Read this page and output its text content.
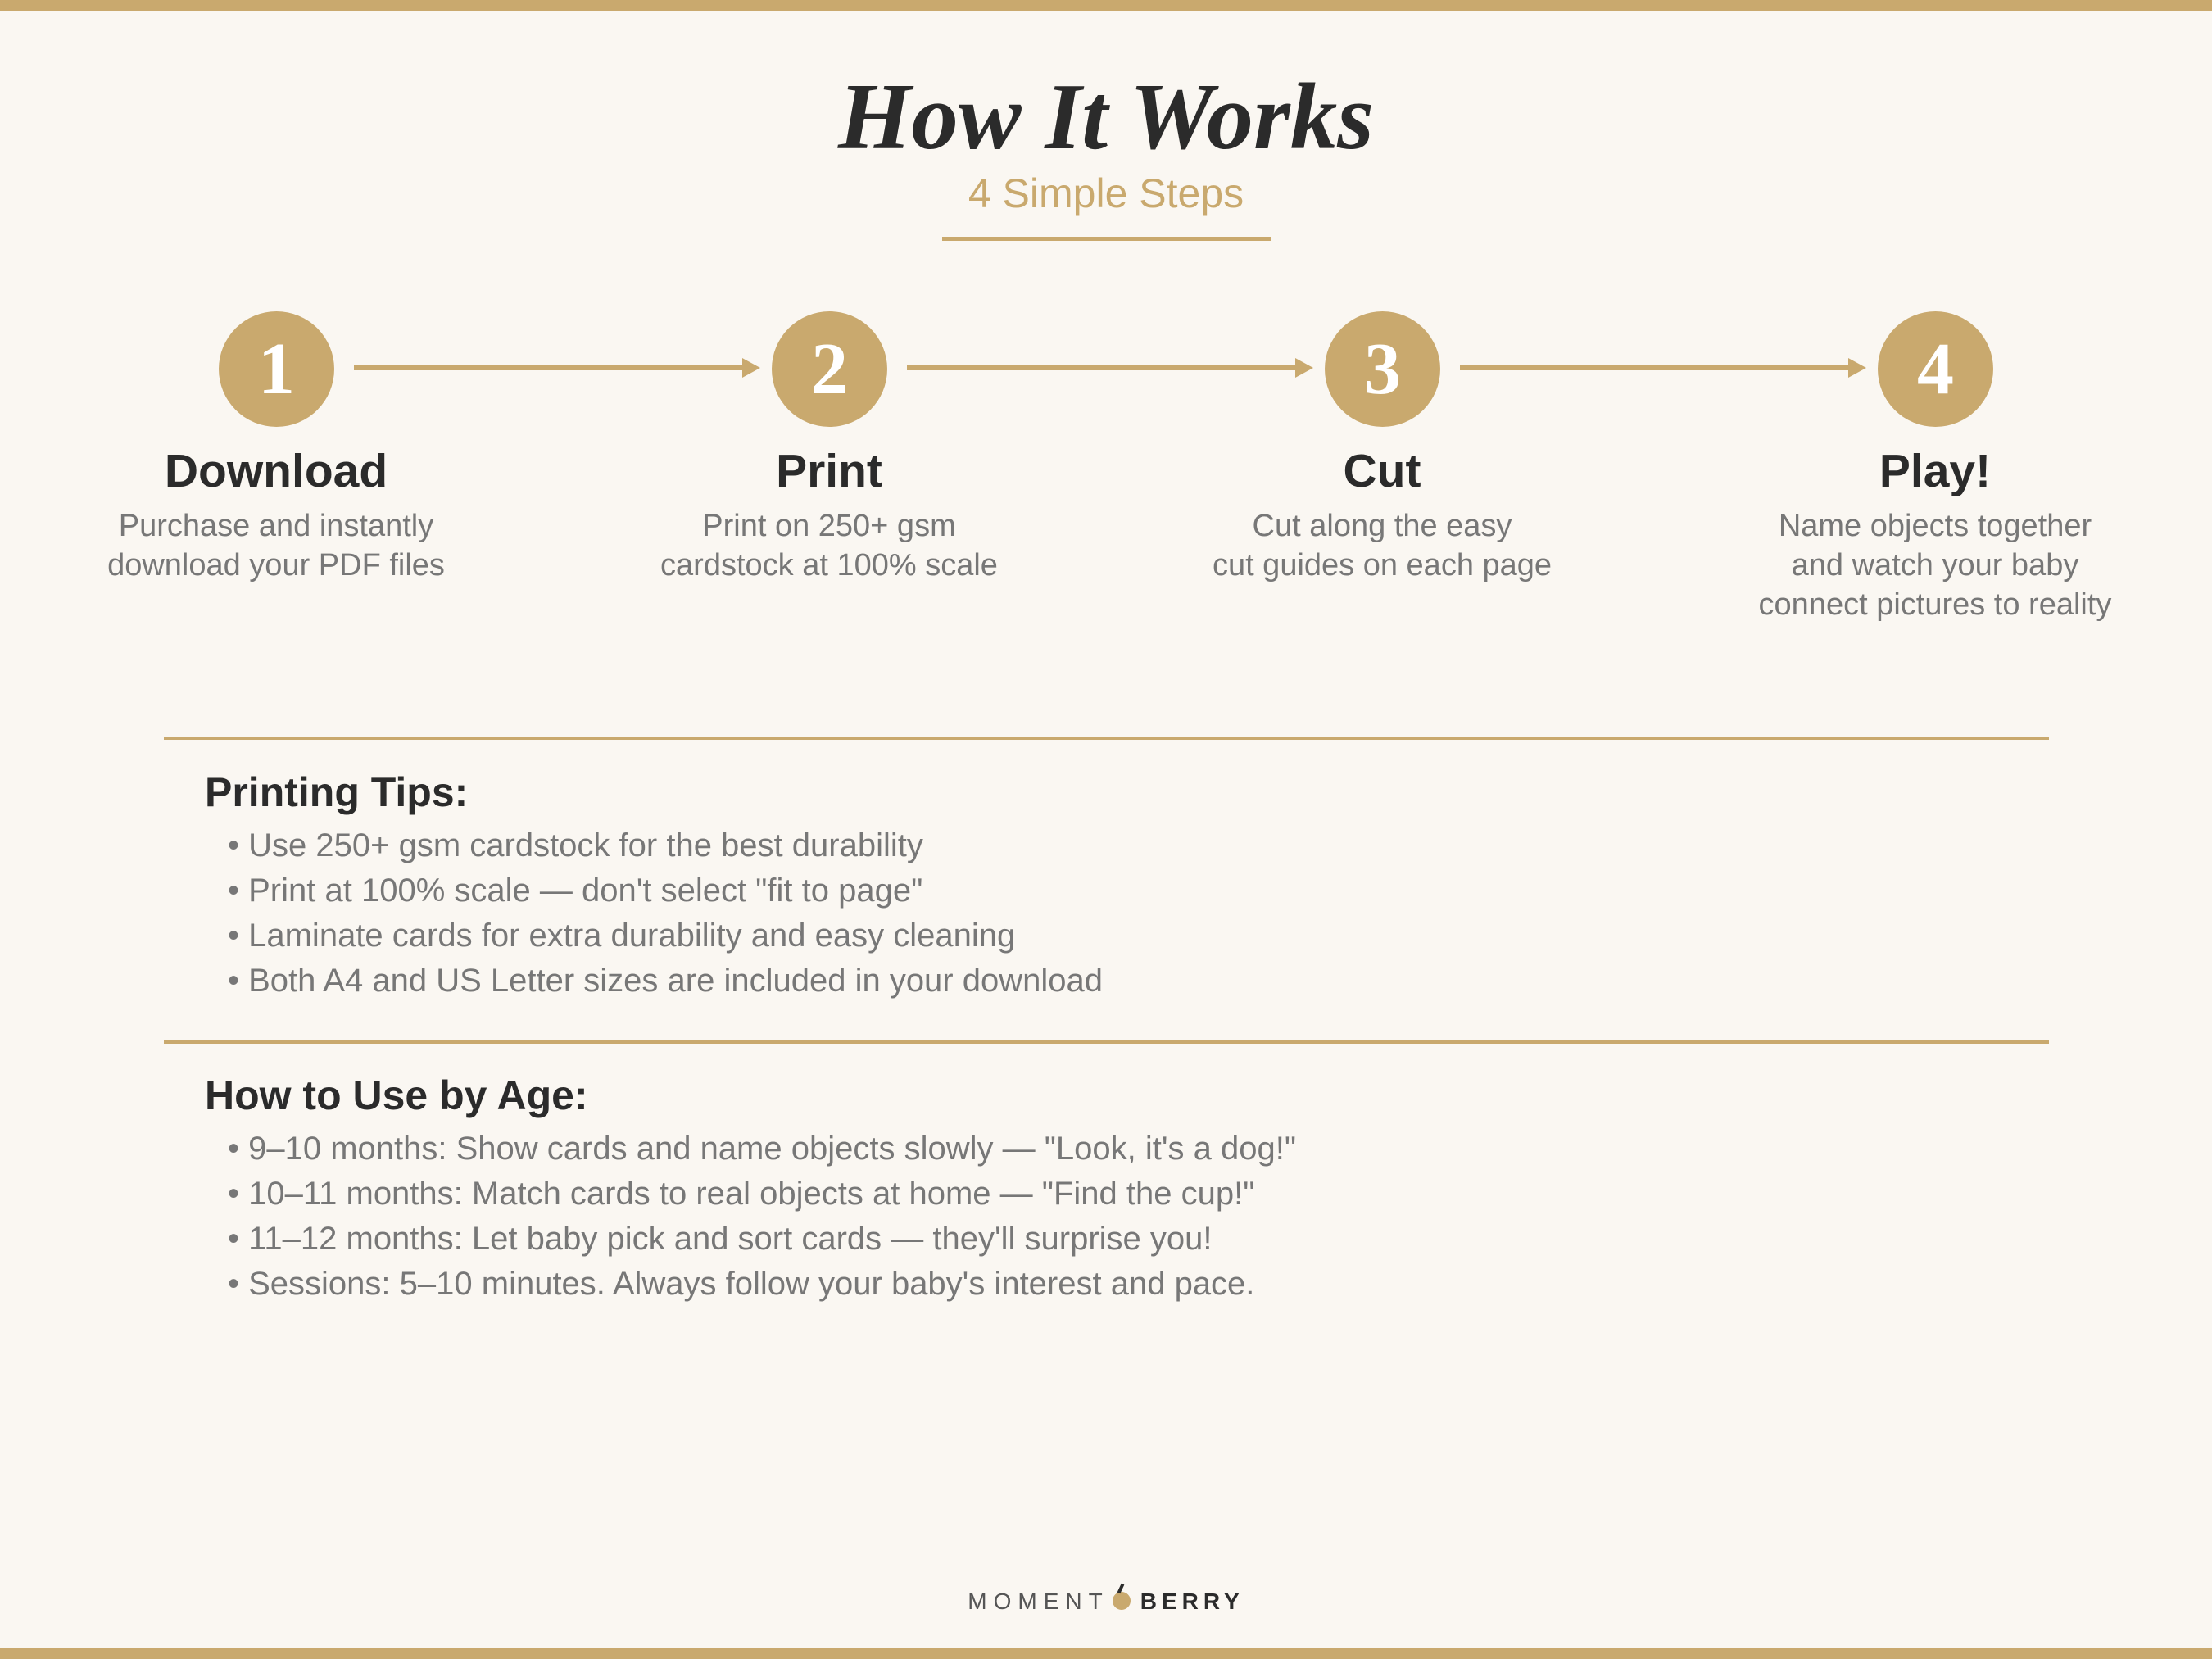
How It Works
4 Simple Steps
1	2	3	4
Download	Print	Cut	Play!
Purchase and instantly
download your PDF files
Print on 250+ gsm
cardstock at 100% scale
Cut along the easy
cut guides on each page
Name objects together
and watch your baby
connect pictures to reality
Printing Tips:
• Use 250+ gsm cardstock for the best durability
• Print at 100% scale — don't select "fit to page"
• Laminate cards for extra durability and easy cleaning
• Both A4 and US Letter sizes are included in your download
How to Use by Age:
• 9–10 months: Show cards and name objects slowly — "Look, it's a dog!"
• 10–11 months: Match cards to real objects at home — "Find the cup!"
• 11–12 months: Let baby pick and sort cards — they'll surprise you!
• Sessions: 5–10 minutes. Always follow your baby's interest and pace.
MOMENT BERRY
